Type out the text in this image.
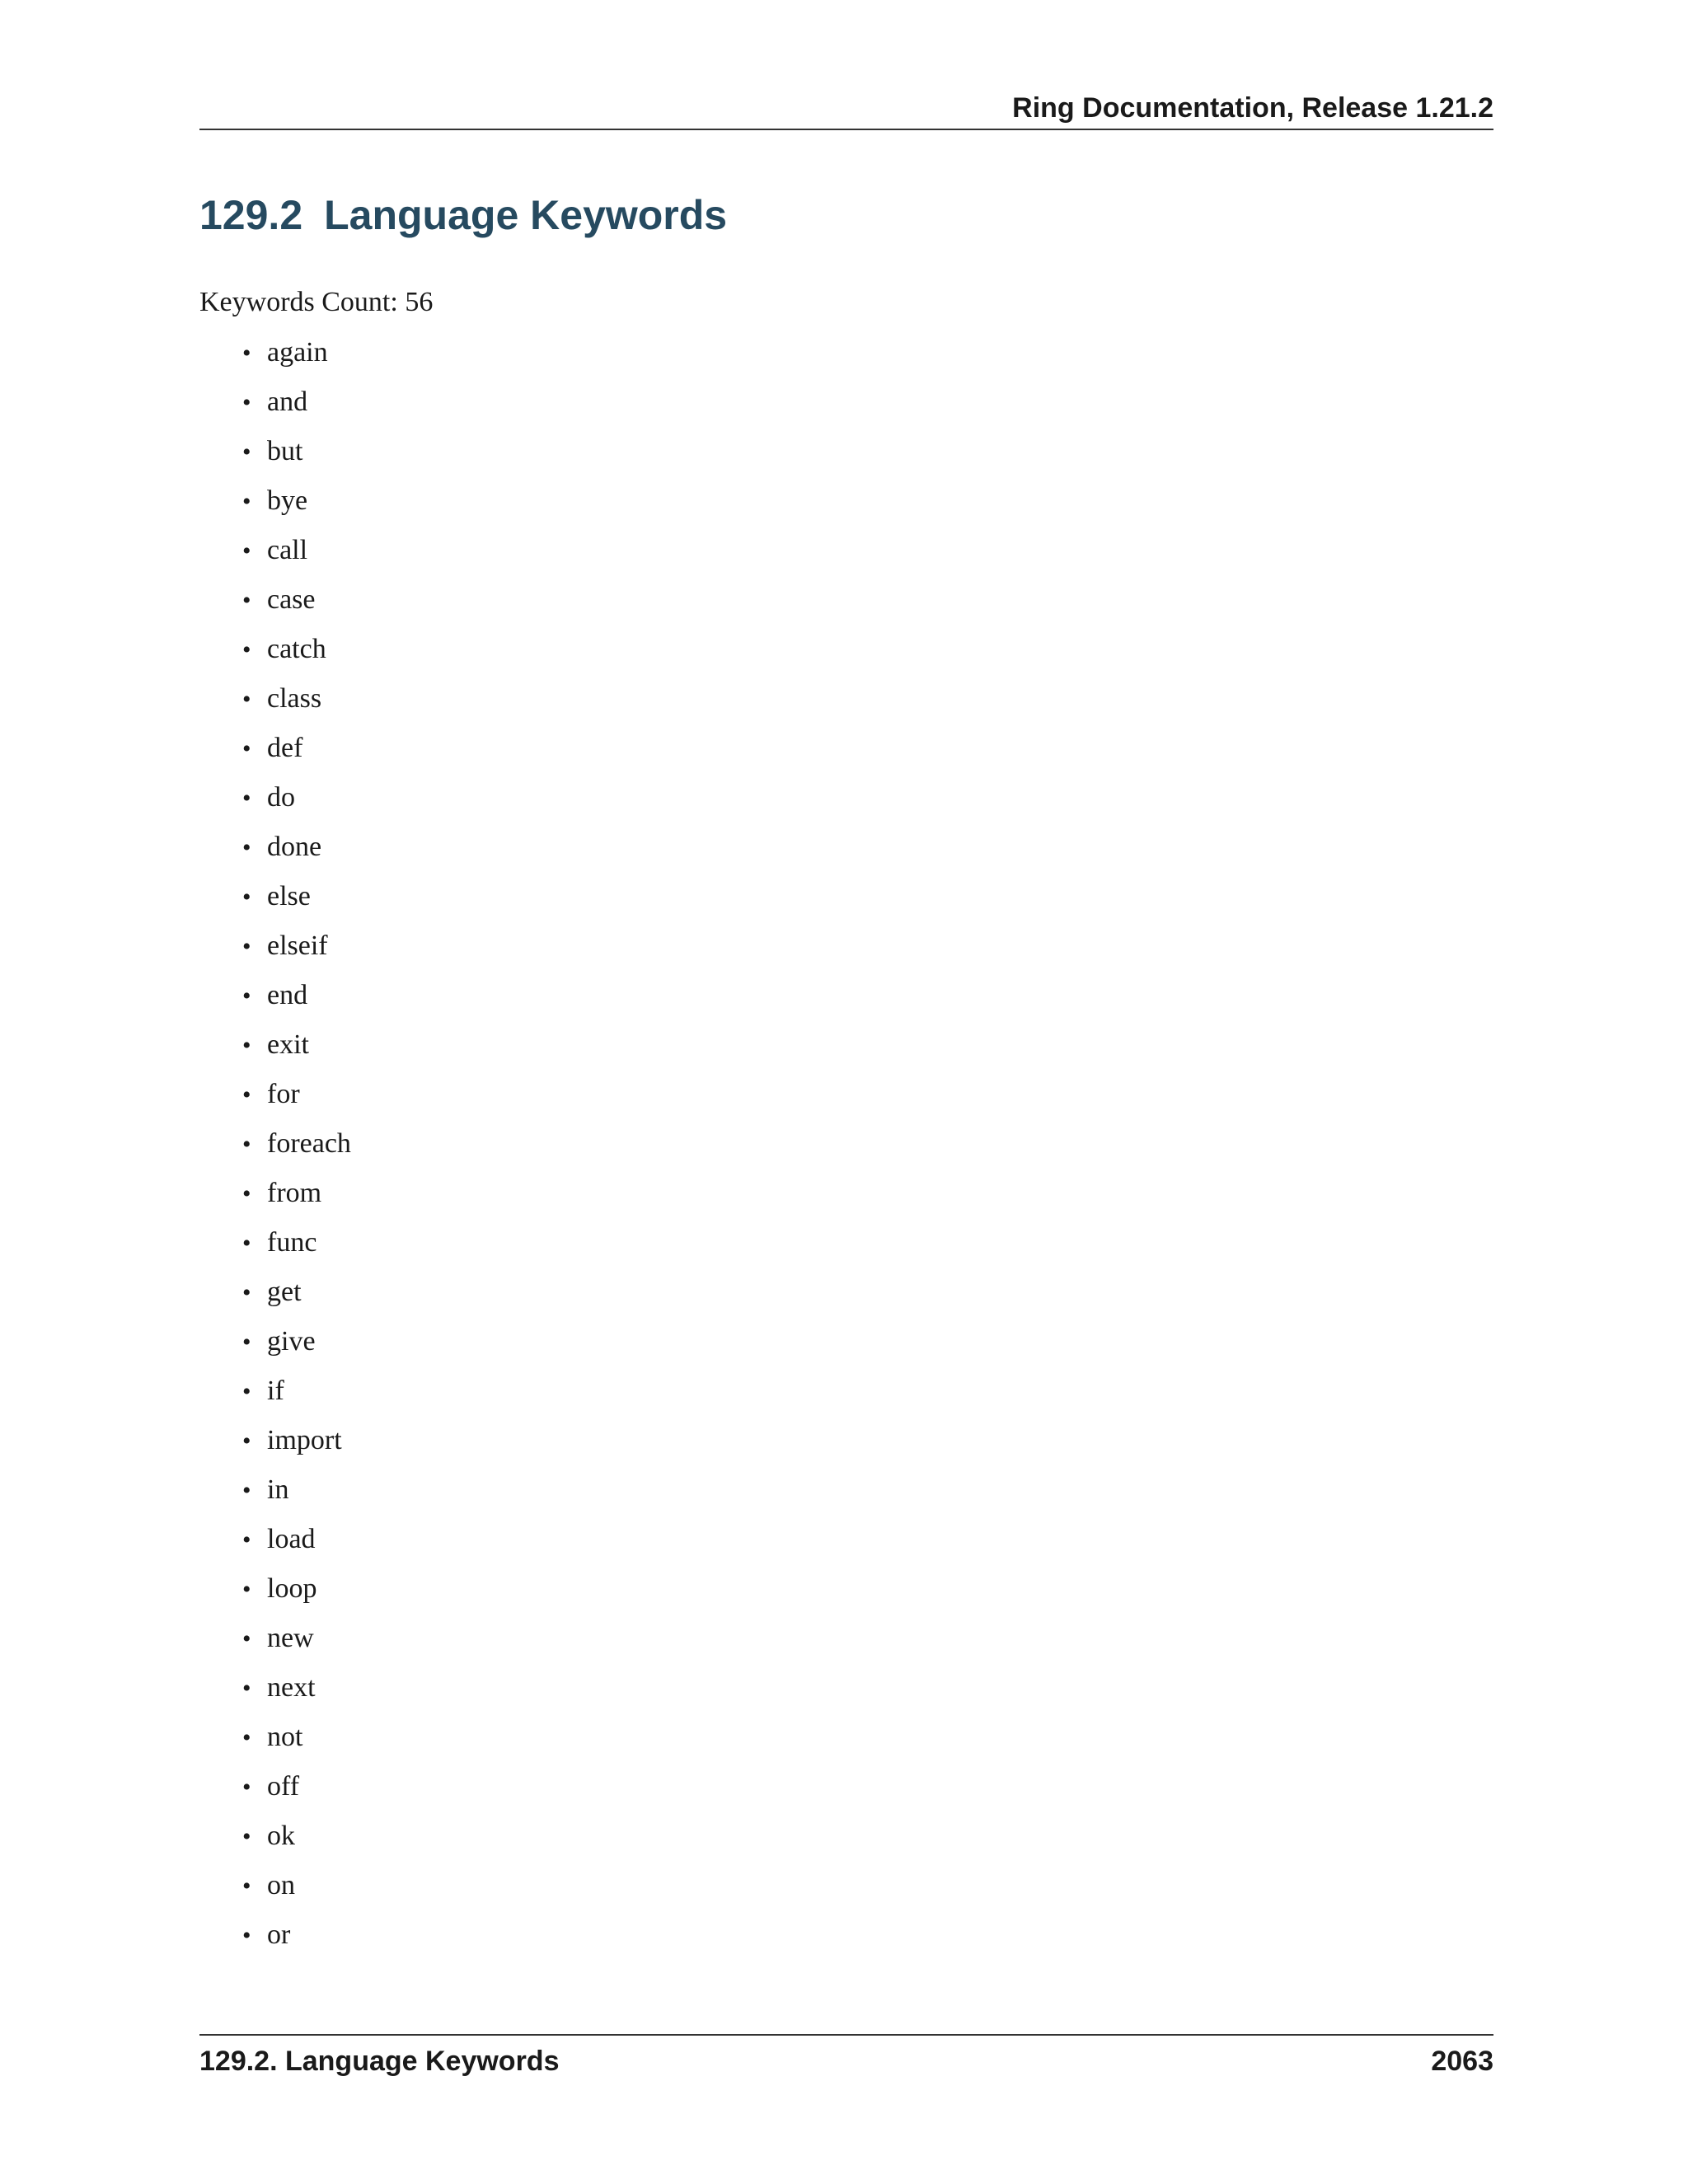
Ring Documentation, Release 1.21.2
129.2 Language Keywords
Keywords Count: 56
• again
• and
• but
• bye
• call
• case
• catch
• class
• def
• do
• done
• else
• elseif
• end
• exit
• for
• foreach
• from
• func
• get
• give
• if
• import
• in
• load
• loop
• new
• next
• not
• off
• ok
• on
• or
129.2. Language Keywords	2063
